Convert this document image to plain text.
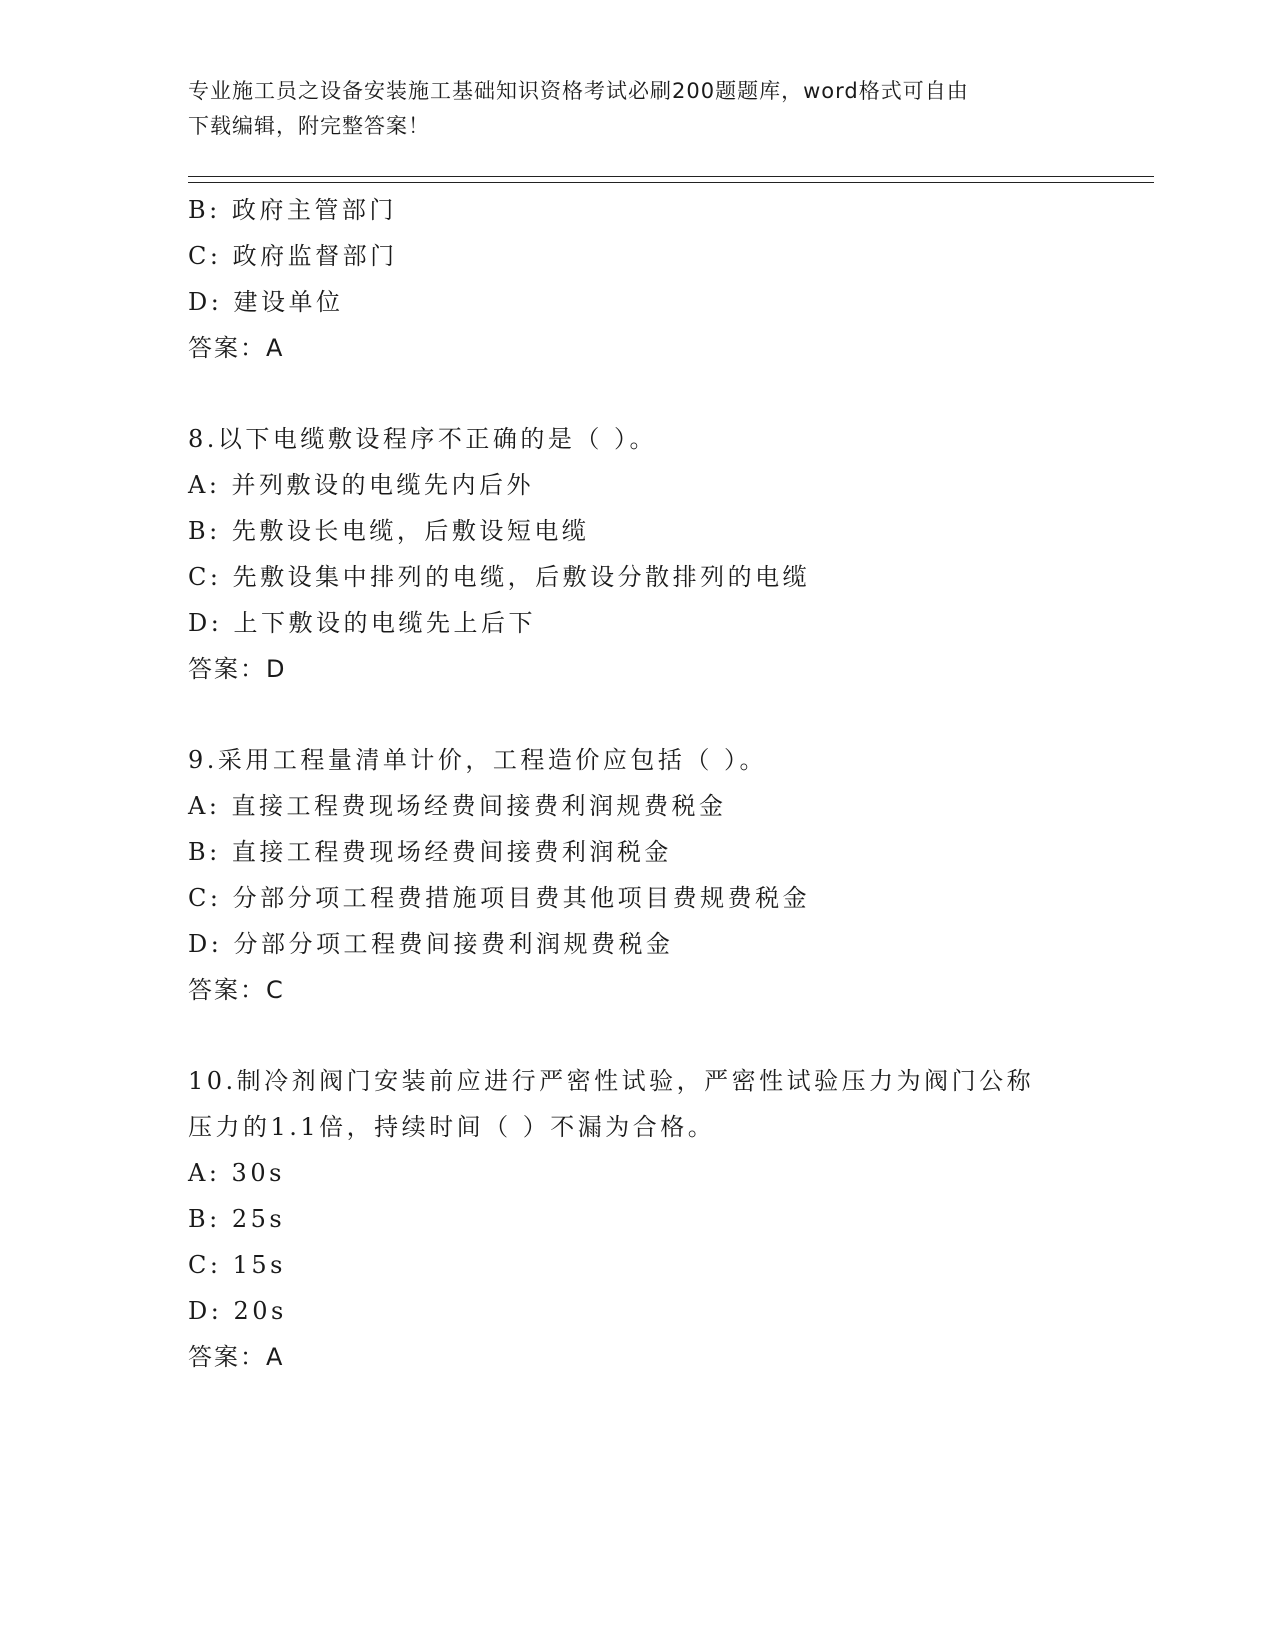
专业施工员之设备安装施工基础知识资格考试必刷200题题库，word格式可自由
下载编辑，附完整答案！
B: 政府主管部门
C: 政府监督部门
D: 建设单位
答案：A
8.以下电缆敷设程序不正确的是（ ）。
A: 并列敷设的电缆先内后外
B: 先敷设长电缆，后敷设短电缆
C: 先敷设集中排列的电缆，后敷设分散排列的电缆
D: 上下敷设的电缆先上后下
答案：D
9.采用工程量清单计价，工程造价应包括（ ）。
A: 直接工程费现场经费间接费利润规费税金
B: 直接工程费现场经费间接费利润税金
C: 分部分项工程费措施项目费其他项目费规费税金
D: 分部分项工程费间接费利润规费税金
答案：C
10.制冷剂阀门安装前应进行严密性试验，严密性试验压力为阀门公称
压力的1.1倍，持续时间（ ）不漏为合格。
A: 30s
B: 25s
C: 15s
D: 20s
答案：A
